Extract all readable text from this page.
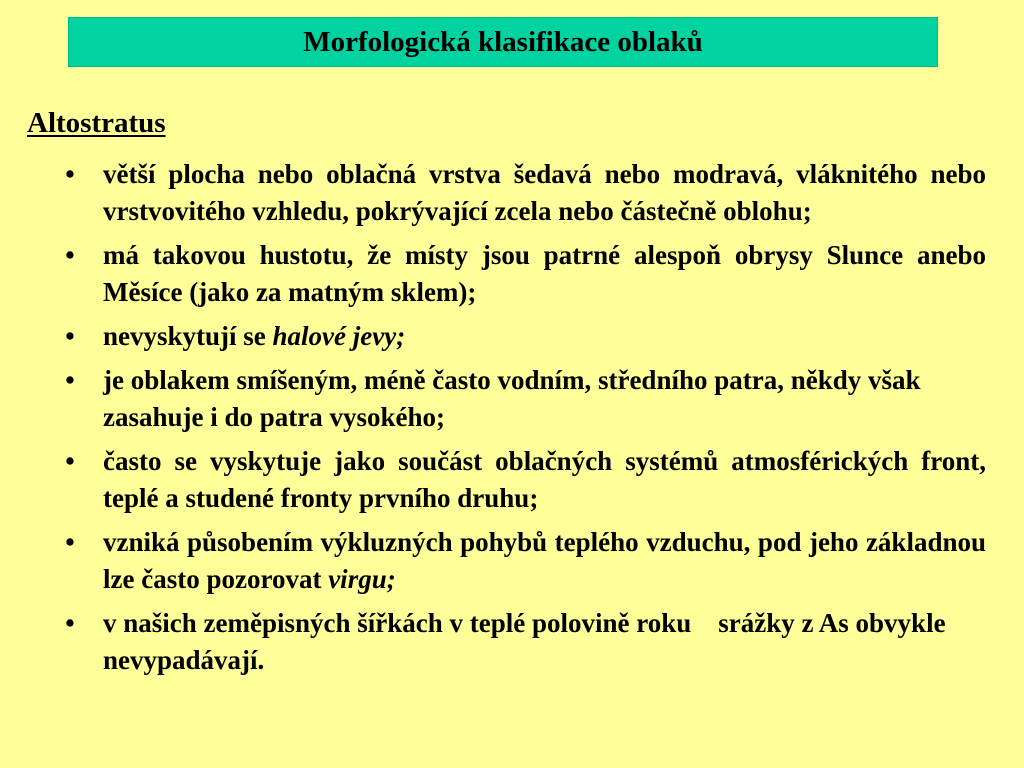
Morfologická klasifikace oblaků
Altostratus
• větší plocha nebo oblačná vrstva šedavá nebo modravá, vláknitého nebo vrstvovitého vzhledu, pokrývající zcela nebo částečně oblohu;
• má takovou hustotu, že místy jsou patrné alespoň obrysy Slunce anebo Měsíce (jako za matným sklem);
• nevyskytují se halové jevy;
• je oblakem smíšeným, méně často vodním, středního patra, někdy však zasahuje i do patra vysokého;
• často se vyskytuje jako součást oblačných systémů atmosférických front, teplé a studené fronty prvního druhu;
• vzniká působením výkluzných pohybů teplého vzduchu, pod jeho základnou lze často pozorovat virgu;
• v našich zeměpisných šířkách v teplé polovině roku    srážky z As obvykle nevypadávají.
